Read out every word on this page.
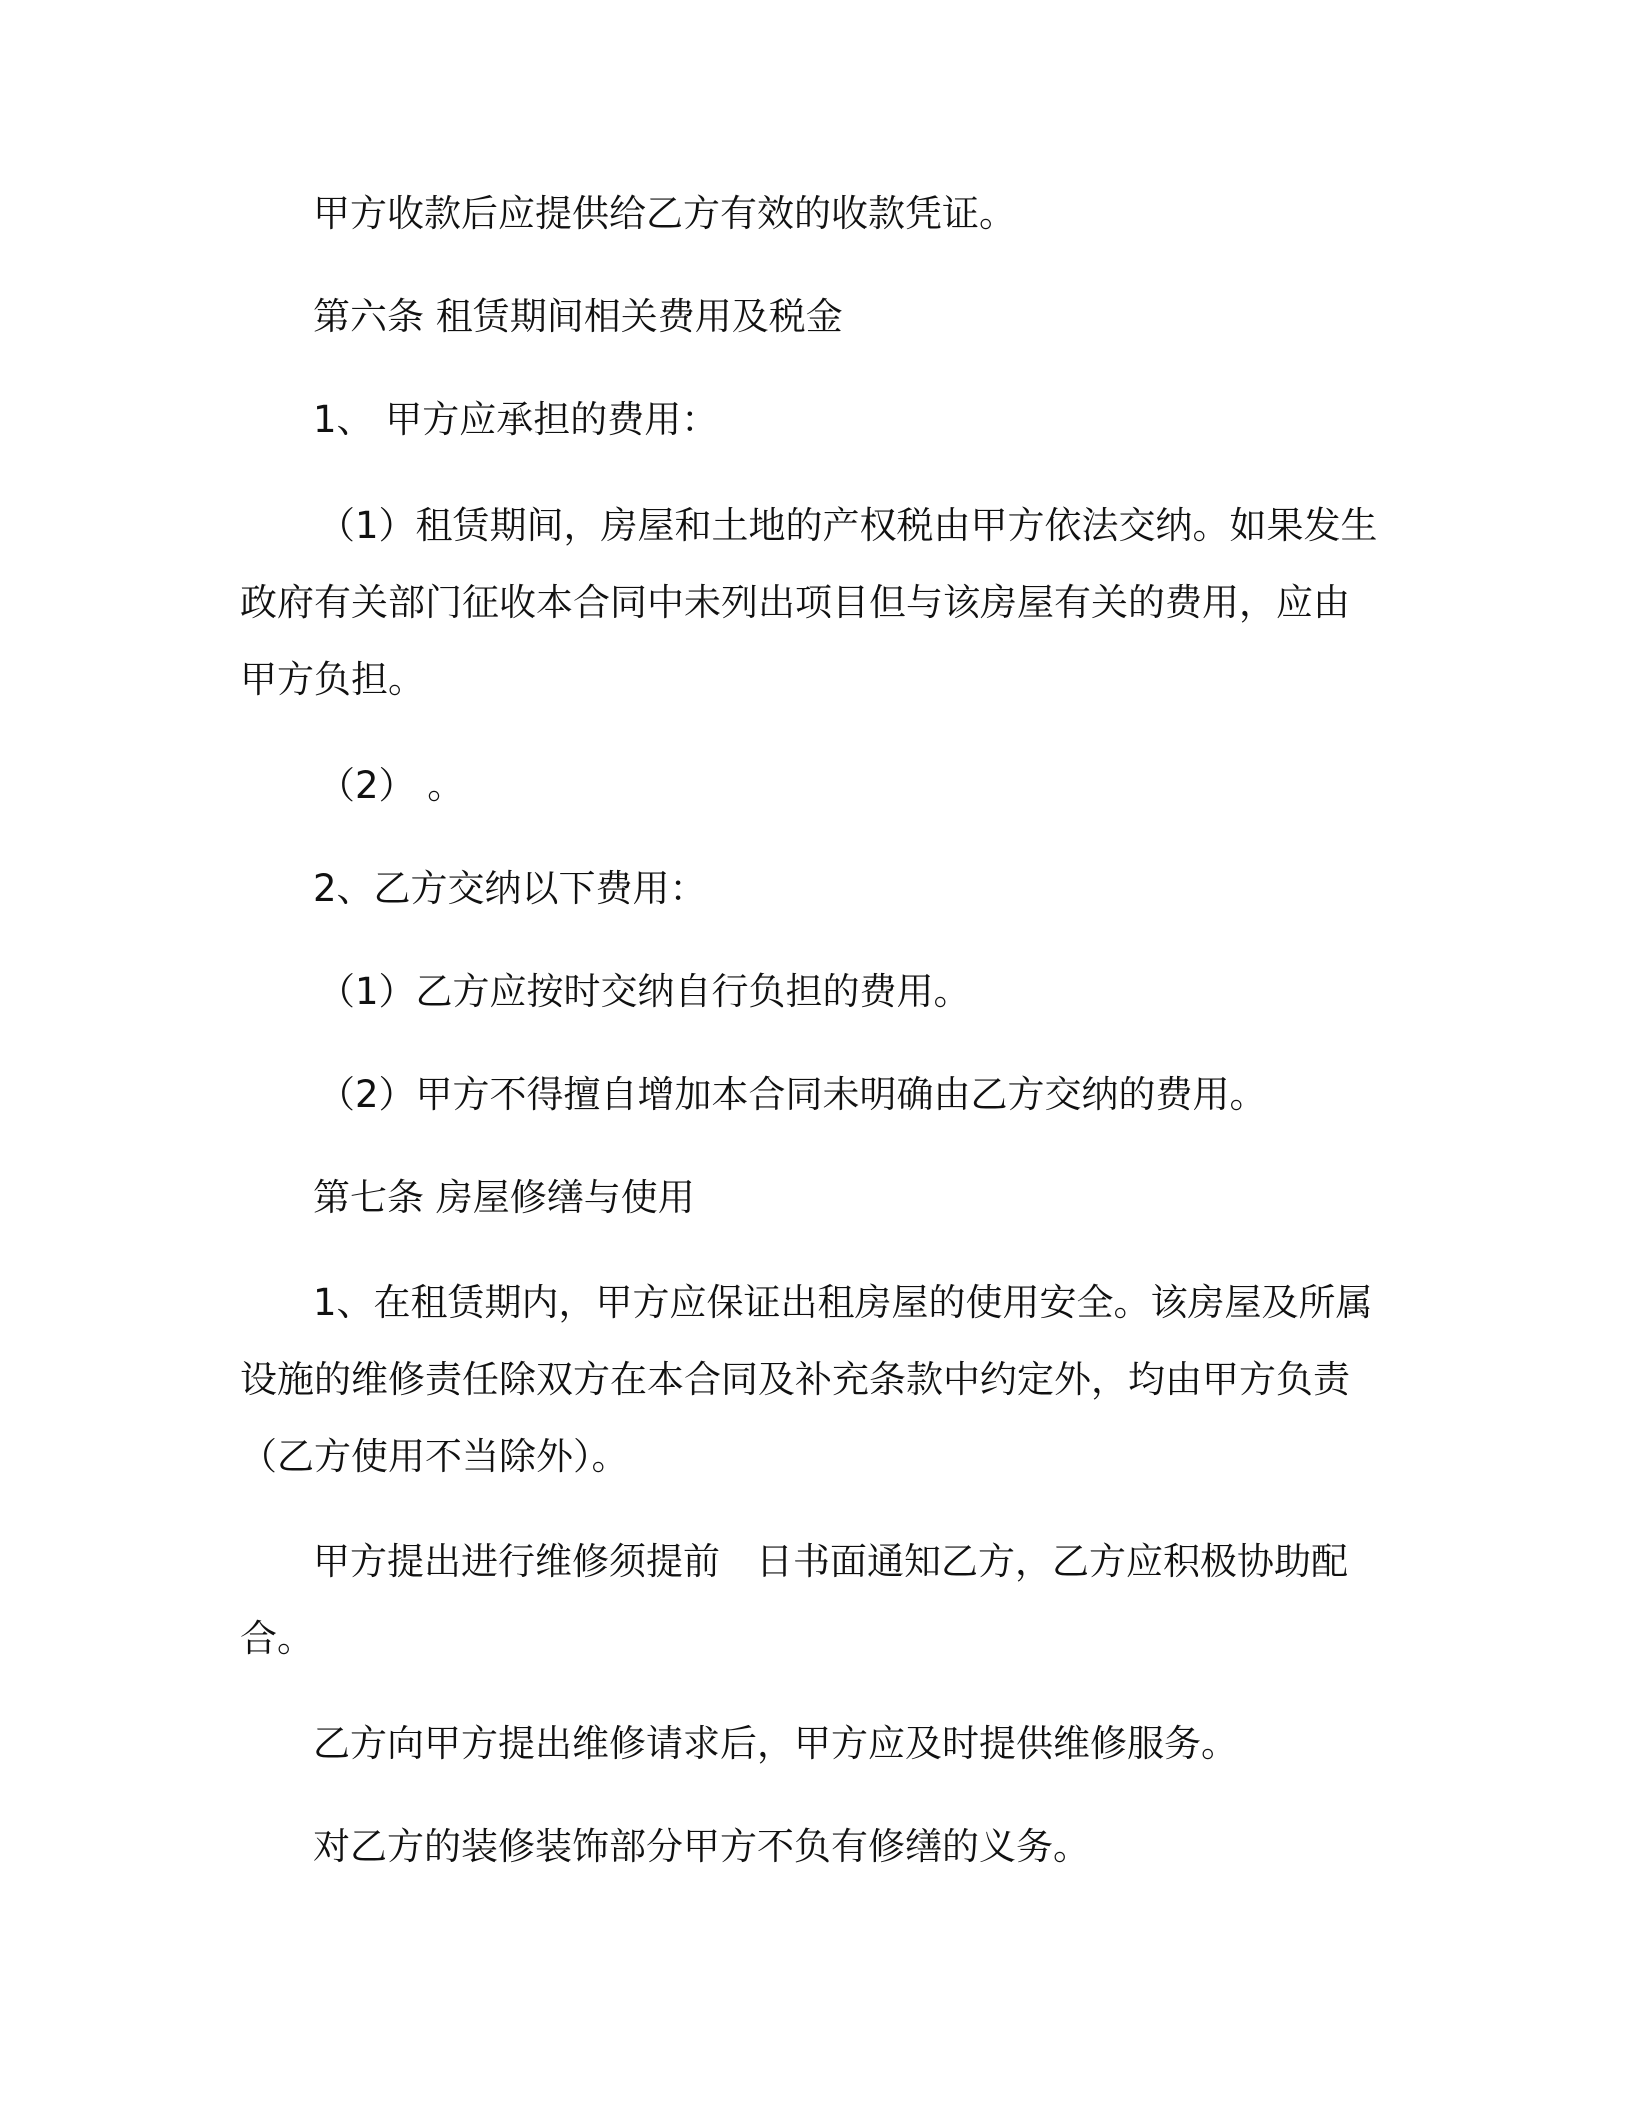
甲方收款后应提供给乙方有效的收款凭证。
第六条 租赁期间相关费用及税金
1、 甲方应承担的费用：
（1）租赁期间，房屋和土地的产权税由甲方依法交纳。如果发生
政府有关部门征收本合同中未列出项目但与该房屋有关的费用，应由
甲方负担。
（2） 。
2、乙方交纳以下费用：
（1）乙方应按时交纳自行负担的费用。
（2）甲方不得擅自增加本合同未明确由乙方交纳的费用。
第七条 房屋修缮与使用
1、在租赁期内，甲方应保证出租房屋的使用安全。该房屋及所属
设施的维修责任除双方在本合同及补充条款中约定外，均由甲方负责
（乙方使用不当除外）。
甲方提出进行维修须提前 日书面通知乙方，乙方应积极协助配
合。
乙方向甲方提出维修请求后，甲方应及时提供维修服务。
对乙方的装修装饰部分甲方不负有修缮的义务。
